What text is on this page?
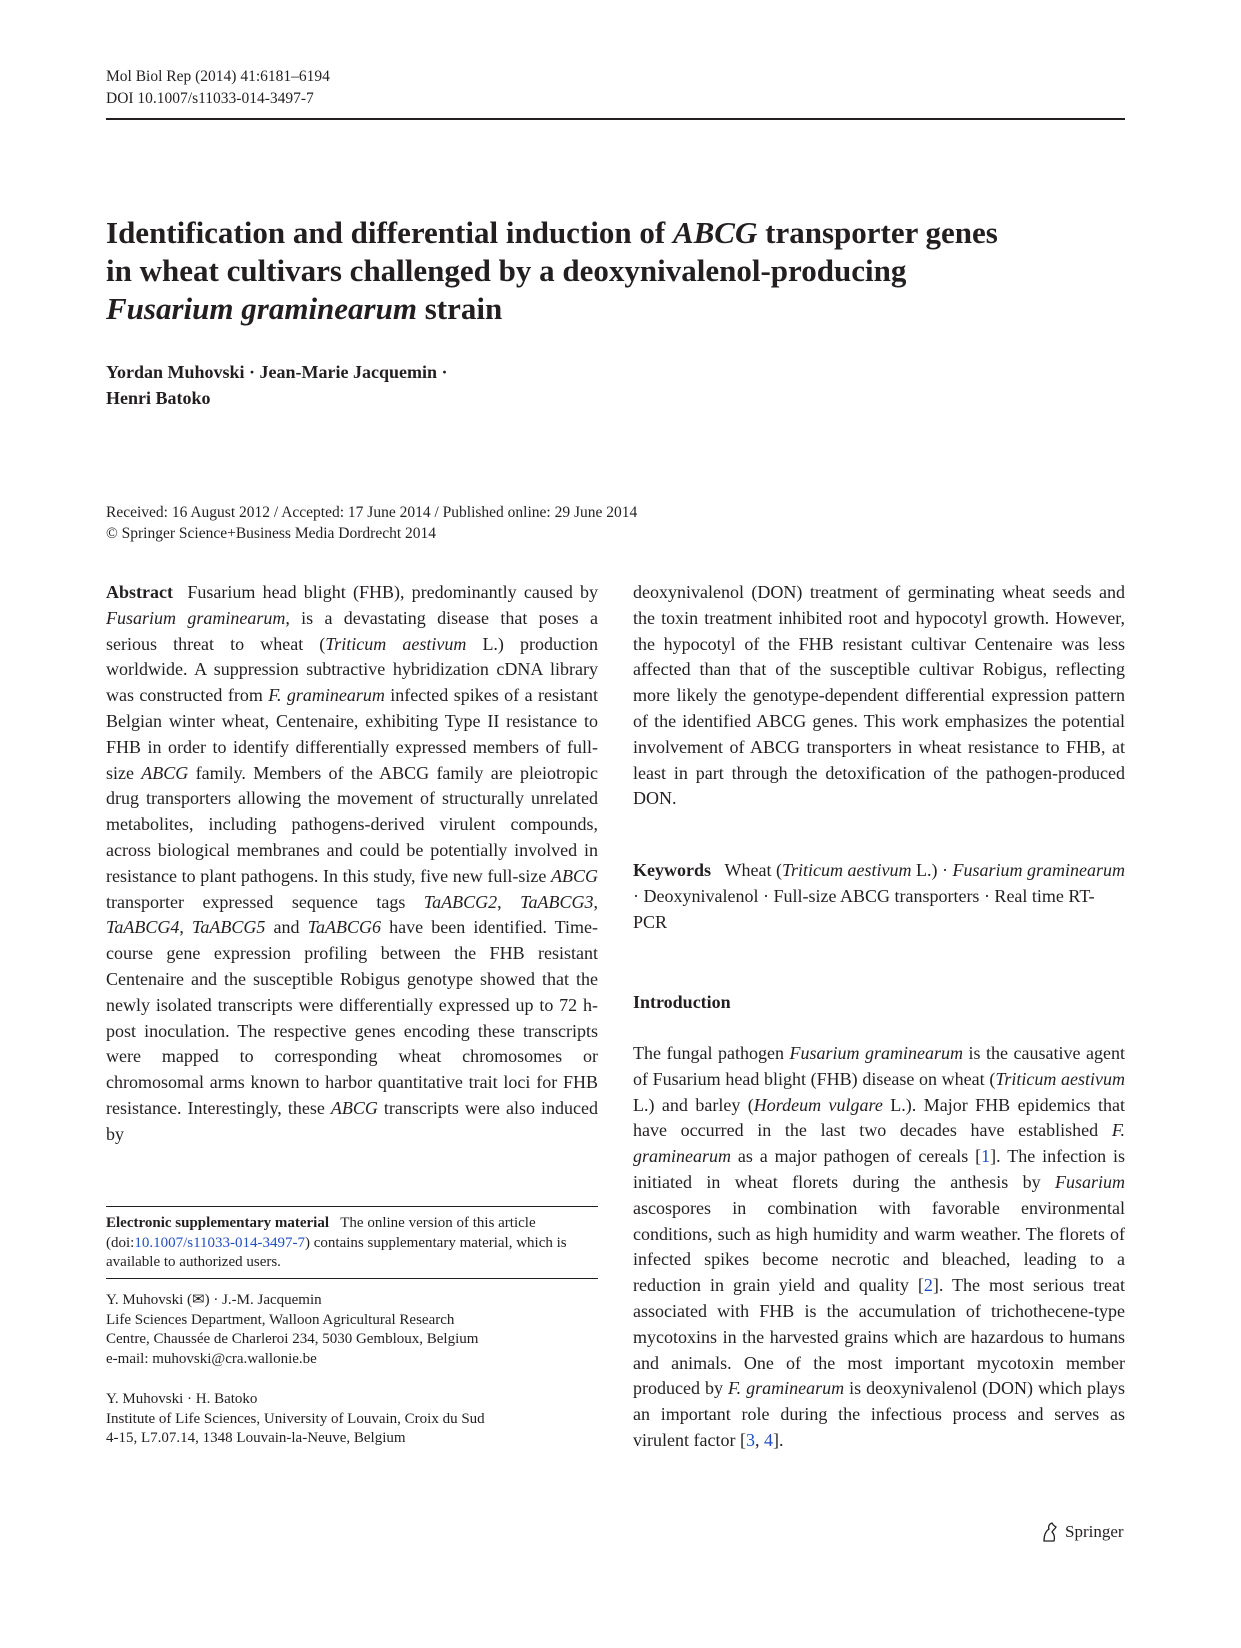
Mol Biol Rep (2014) 41:6181–6194
DOI 10.1007/s11033-014-3497-7
Identification and differential induction of ABCG transporter genes in wheat cultivars challenged by a deoxynivalenol-producing Fusarium graminearum strain
Yordan Muhovski · Jean-Marie Jacquemin ·
Henri Batoko
Received: 16 August 2012 / Accepted: 17 June 2014 / Published online: 29 June 2014
© Springer Science+Business Media Dordrecht 2014

Abstract Fusarium head blight (FHB), predominantly caused by Fusarium graminearum, is a devastating disease that poses a serious threat to wheat (Triticum aestivum L.) production worldwide. A suppression subtractive hybridization cDNA library was constructed from F. graminearum infected spikes of a resistant Belgian winter wheat, Centenaire, exhibiting Type II resistance to FHB in order to identify differentially expressed members of full-size ABCG family. Members of the ABCG family are pleiotropic drug transporters allowing the movement of structurally unrelated metabolites, including pathogens-derived virulent compounds, across biological membranes and could be potentially involved in resistance to plant pathogens. In this study, five new full-size ABCG transporter expressed sequence tags TaABCG2, TaABCG3, TaABCG4, TaABCG5 and TaABCG6 have been identified. Time-course gene expression profiling between the FHB resistant Centenaire and the susceptible Robigus genotype showed that the newly isolated transcripts were differentially expressed up to 72 h-post inoculation. The respective genes encoding these transcripts were mapped to corresponding wheat chromosomes or chromosomal arms known to harbor quantitative trait loci for FHB resistance. Interestingly, these ABCG transcripts were also induced by

deoxynivalenol (DON) treatment of germinating wheat seeds and the toxin treatment inhibited root and hypocotyl growth. However, the hypocotyl of the FHB resistant cultivar Centenaire was less affected than that of the susceptible cultivar Robigus, reflecting more likely the genotype-dependent differential expression pattern of the identified ABCG genes. This work emphasizes the potential involvement of ABCG transporters in wheat resistance to FHB, at least in part through the detoxification of the pathogen-produced DON.

Keywords Wheat (Triticum aestivum L.) · Fusarium graminearum · Deoxynivalenol · Full-size ABCG transporters · Real time RT-PCR

Introduction

The fungal pathogen Fusarium graminearum is the causative agent of Fusarium head blight (FHB) disease on wheat (Triticum aestivum L.) and barley (Hordeum vulgare L.). Major FHB epidemics that have occurred in the last two decades have established F. graminearum as a major pathogen of cereals [1]. The infection is initiated in wheat florets during the anthesis by Fusarium ascospores in combination with favorable environmental conditions, such as high humidity and warm weather. The florets of infected spikes become necrotic and bleached, leading to a reduction in grain yield and quality [2]. The most serious treat associated with FHB is the accumulation of trichothecene-type mycotoxins in the harvested grains which are hazardous to humans and animals. One of the most important mycotoxin member produced by F. graminearum is deoxynivalenol (DON) which plays an important role during the infectious process and serves as virulent factor [3, 4].

Electronic supplementary material The online version of this article (doi:10.1007/s11033-014-3497-7) contains supplementary material, which is available to authorized users.
Y. Muhovski (✉) · J.-M. Jacquemin
Life Sciences Department, Walloon Agricultural Research
Centre, Chaussée de Charleroi 234, 5030 Gembloux, Belgium
e-mail: muhovski@cra.wallonie.be
Y. Muhovski · H. Batoko
Institute of Life Sciences, University of Louvain, Croix du Sud
4-15, L7.07.14, 1348 Louvain-la-Neuve, Belgium
Springer
